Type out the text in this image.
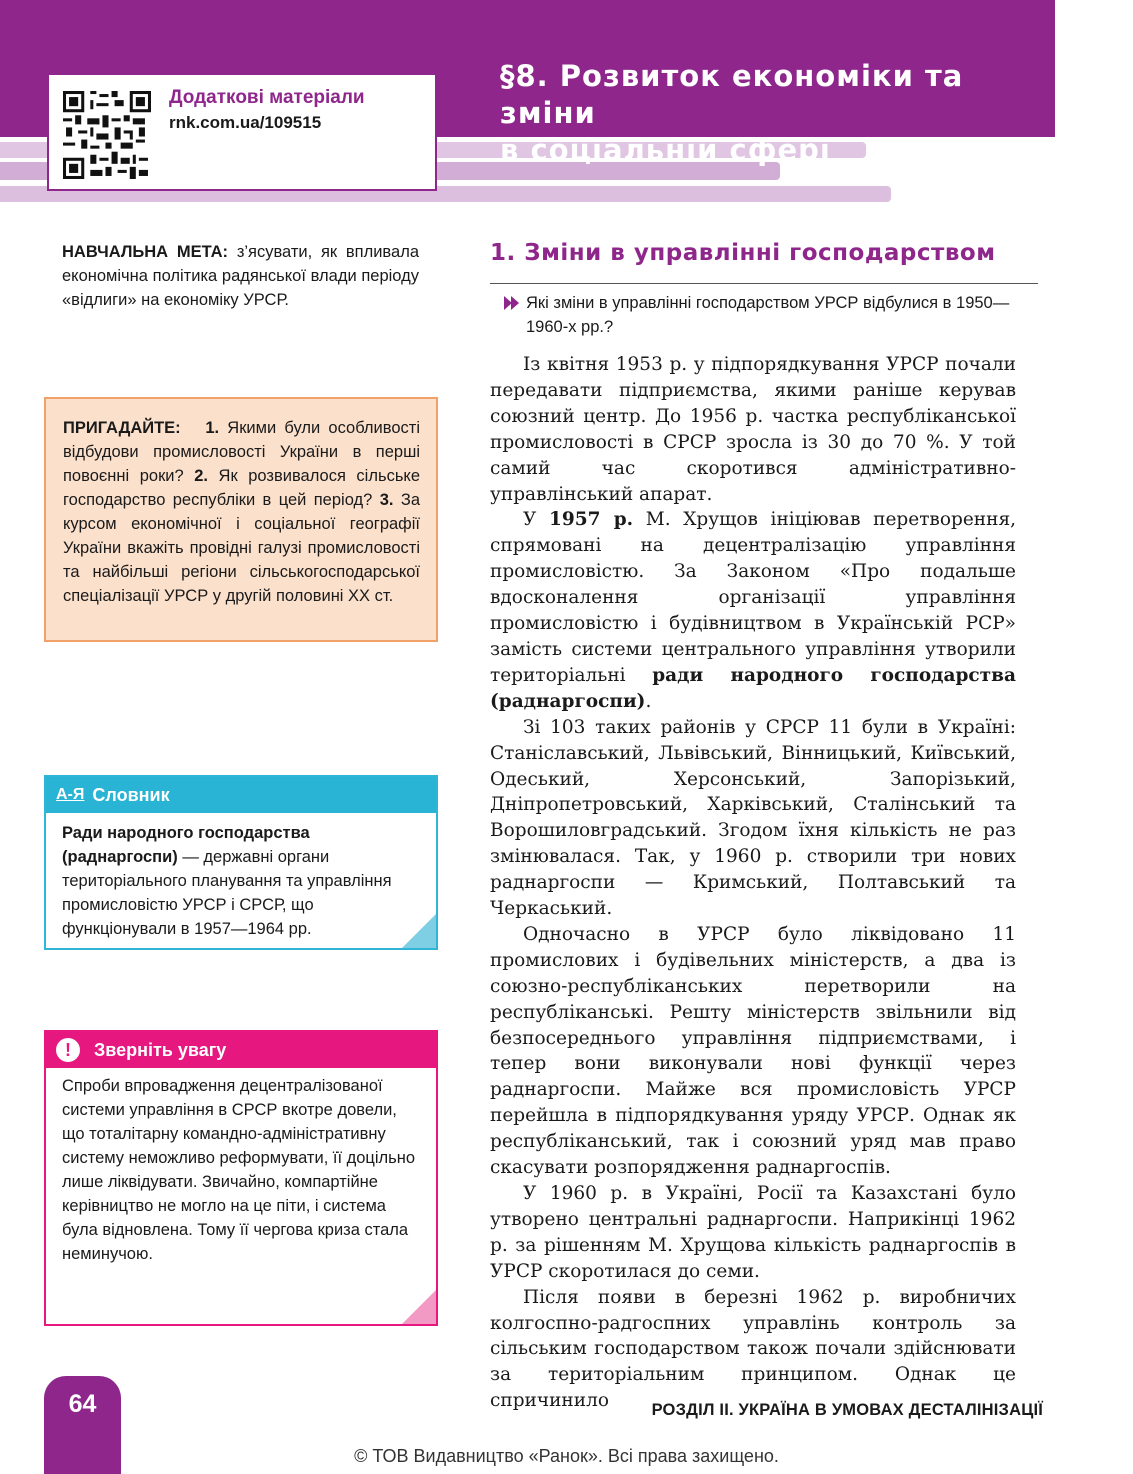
Додаткові матеріали
rnk.com.ua/109515
§8. Розвиток економіки та зміни
в соціальній сфері

НАВЧАЛЬНА МЕТА: з’ясувати, як впливала економічна політика радянської влади періоду «відлиги» на економіку УРСР.

ПРИГАДАЙТЕ: 1. Якими були особливості відбудови промисловості України в перші повоєнні роки? 2. Як розвивалося сільське господарство республіки в цей період? 3. За курсом економічної і соціальної географії України вкажіть провідні галузі промисловості та найбільші регіони сільськогосподарської спеціалізації УРСР у другій половині ХХ ст.
А-Я Словник
Ради народного господарства (раднаргоспи) — державні органи територіального планування та управління промисловістю УРСР і СРСР, що функціонували в 1957—1964 рр.
!	Зверніть увагу
Спроби впровадження децентралізованої системи управління в СРСР вкотре довели, що тоталітарну командно-адміністративну систему неможливо реформувати, її доцільно лише ліквідувати. Звичайно, компартійне керівництво не могло на це піти, і система була відновлена. Тому її чергова криза стала неминучою.
1. Зміни в управлінні господарством

Які зміни в управлінні господарством УРСР відбулися в 1950—1960-х рр.?

Із квітня 1953 р. у підпорядкування УРСР почали передавати підприємства, якими раніше керував союзний центр. До 1956 р. частка республіканської промисловості в СРСР зросла із 30 до 70 %. У той самий час скоротився адміністративно-управлінський апарат.

У 1957 р. М. Хрущов ініціював перетворення, спрямовані на децентралізацію управління промисловістю. За Законом «Про подальше вдосконалення організації управління промисловістю і будівництвом в Українській РСР» замість системи центрального управління утворили територіальні ради народного господарства (раднаргоспи).

Зі 103 таких районів у СРСР 11 були в Україні: Станіславський, Львівський, Вінницький, Київський, Одеський, Херсонський, Запорізький, Дніпропетровський, Харківський, Сталінський та Ворошиловградський. Згодом їхня кількість не раз змінювалася. Так, у 1960 р. створили три нових раднаргоспи — Кримський, Полтавський та Черкаський.

Одночасно в УРСР було ліквідовано 11 промислових і будівельних міністерств, а два із союзно-республіканських перетворили на республіканські. Решту міністерств звільнили від безпосереднього управління підприємствами, і тепер вони виконували нові функції через раднаргоспи. Майже вся промисловість УРСР перейшла в підпорядкування уряду УРСР. Однак як республіканський, так і союзний уряд мав право скасувати розпорядження раднаргоспів.

У 1960 р. в Україні, Росії та Казахстані було утворено центральні раднаргоспи. Наприкінці 1962 р. за рішенням М. Хрущова кількість раднаргоспів в УРСР скоротилася до семи.

Після появи в березні 1962 р. виробничих колгоспно-радгоспних управлінь контроль за сільським господарством також почали здійснювати за територіальним принципом. Однак це спричинило

64	РОЗДІЛ II. УКРАЇНА В УМОВАХ ДЕСТАЛІНІЗАЦІЇ
© ТОВ Видавництво «Ранок». Всі права захищено.
